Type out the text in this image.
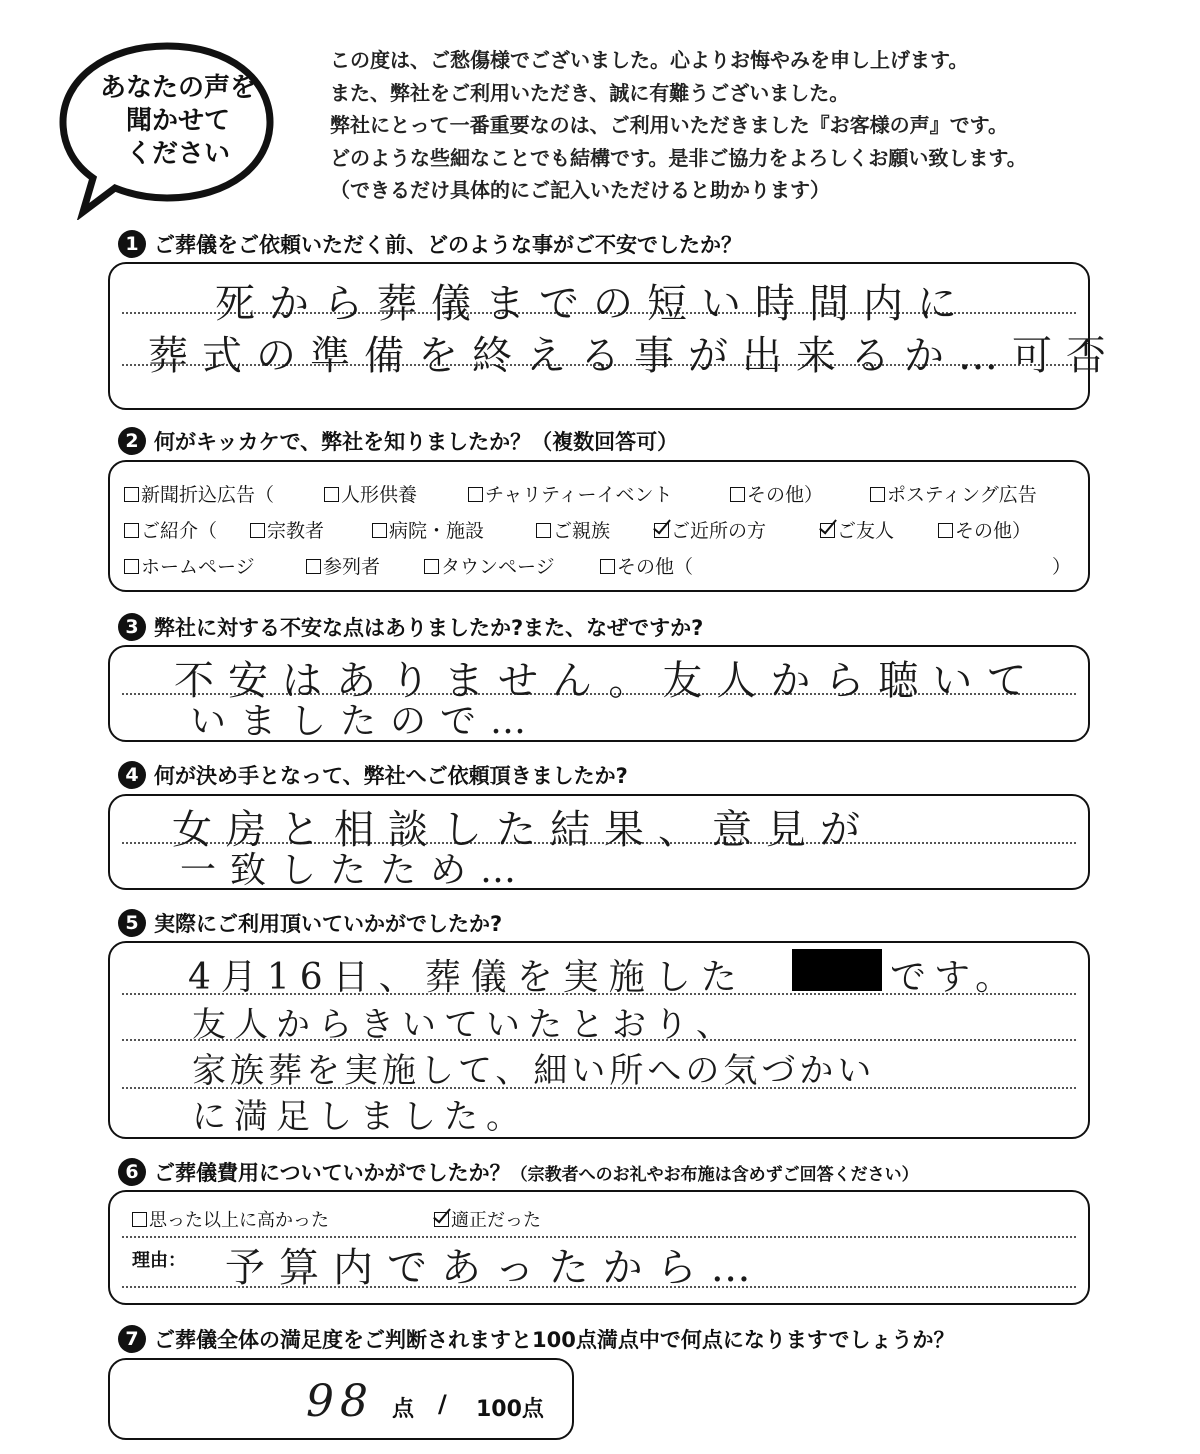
あなたの声を
聞かせて
ください
この度は、ご愁傷様でございました。心よりお悔やみを申し上げます。
また、弊社をご利用いただき、誠に有難うございました。
弊社にとって一番重要なのは、ご利用いただきました『お客様の声』です。
どのような些細なことでも結構です。是非ご協力をよろしくお願い致します。
（できるだけ具体的にご記入いただけると助かります）
1 ご葬儀をご依頼いただく前、どのような事がご不安でしたか？
死から葬儀までの短い時間内に
葬式の準備を終える事が出来るか…可否
2 何がキッカケで、弊社を知りましたか？（複数回答可）
新聞折込広告（	人形供養	チャリティーイベント	その他）	ポスティング広告
ご紹介（	宗教者	病院・施設	ご親族	ご近所の方	ご友人	その他）
ホームページ	参列者	タウンページ	その他（	）
3 弊社に対する不安な点はありましたか?また、なぜですか?
不安はありません。友人から聴いて
いましたので…
4 何が決め手となって、弊社へご依頼頂きましたか?
女房と相談した結果、意見が
一致したため…
5 実際にご利用頂いていかがでしたか?
4月16日、葬儀を実施した	です。
友人からきいていたとおり、
家族葬を実施して、細い所への気づかい
に満足しました。
6 ご葬儀費用についていかがでしたか？ （宗教者へのお礼やお布施は含めずご回答ください）
思った以上に高かった	適正だった
理由： 予算内であったから…
7 ご葬儀全体の満足度をご判断されますと100点満点中で何点になりますでしょうか？
98 点 / 100点
